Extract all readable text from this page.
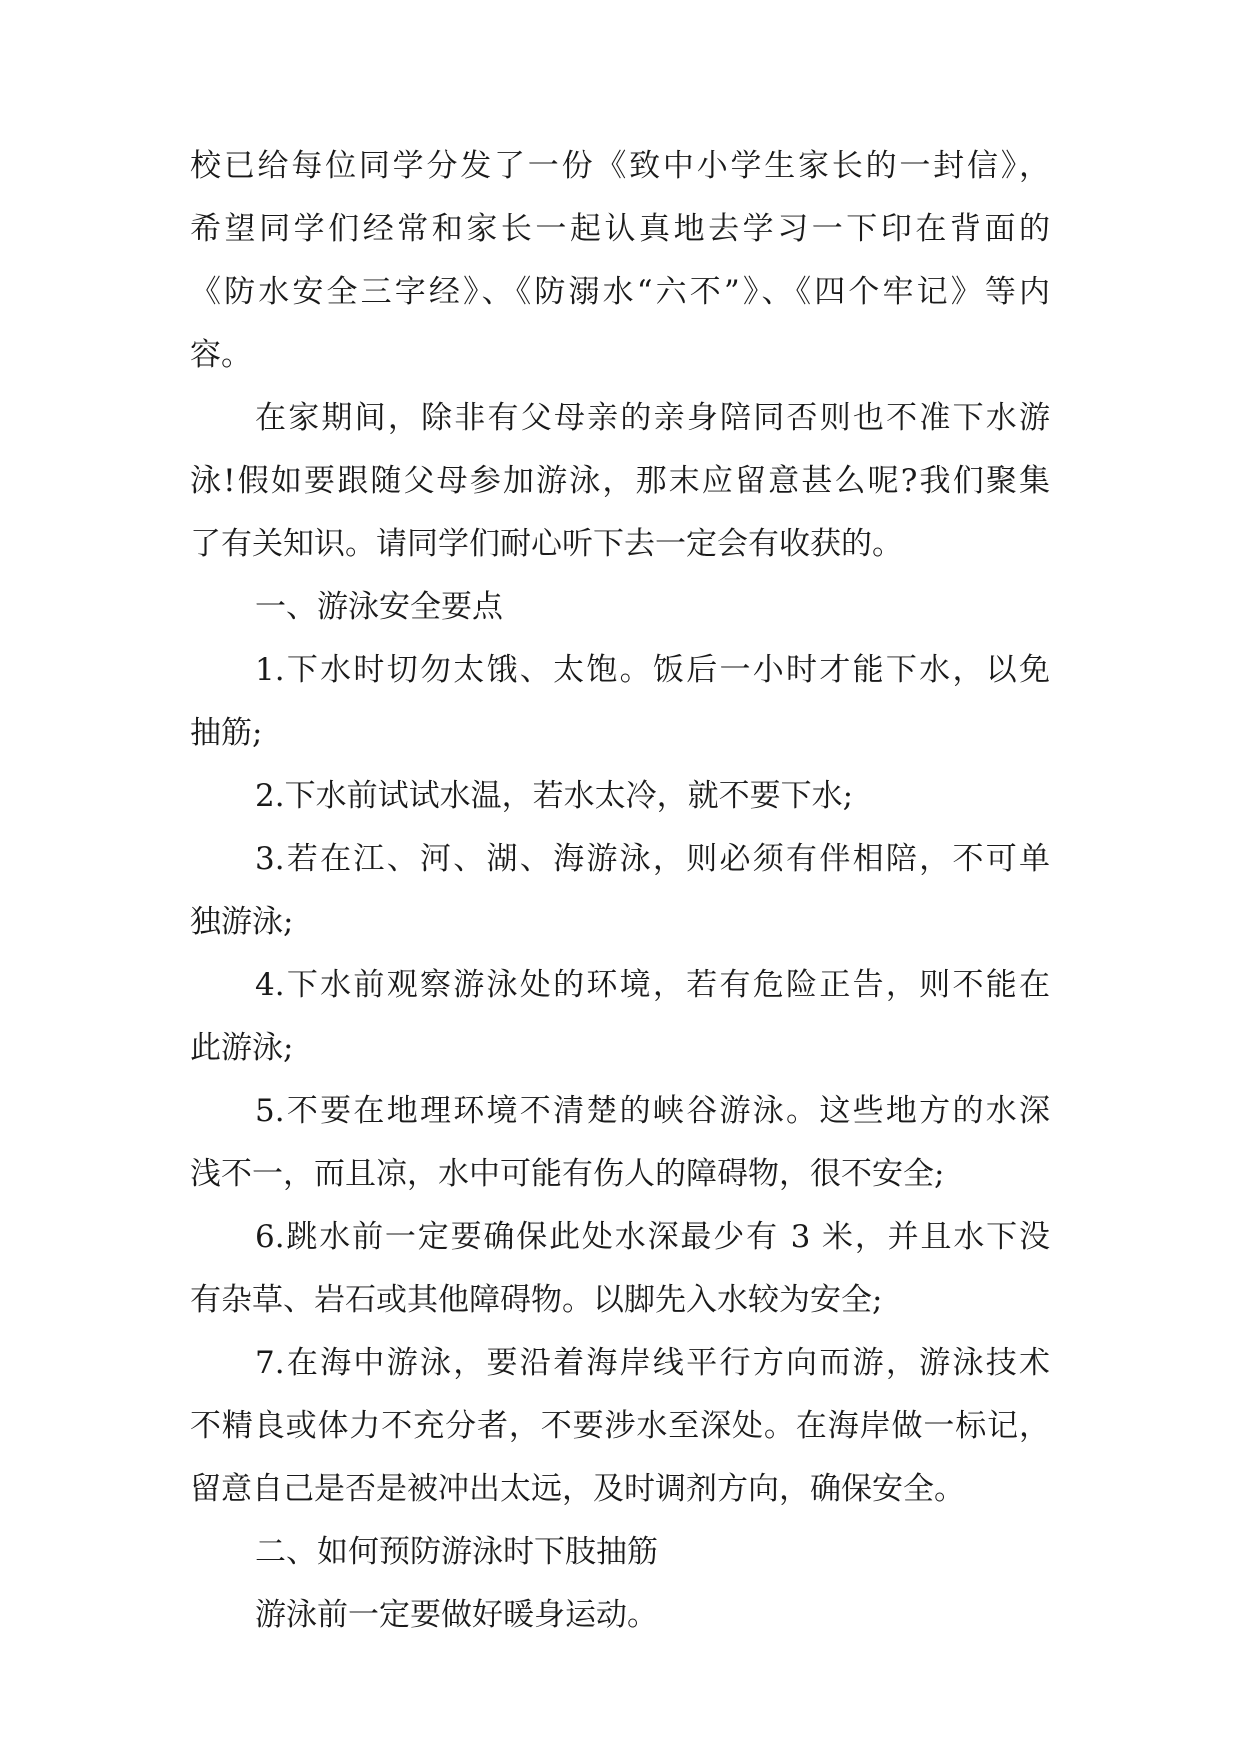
校已给每位同学分发了一份《致中小学生家长的一封信》，
希望同学们经常和家长一起认真地去学习一下印在背面的
《防水安全三字经》、《防溺水“六不”》、《四个牢记》等内
容。
在家期间，除非有父母亲的亲身陪同否则也不准下水游
泳!假如要跟随父母参加游泳，那末应留意甚么呢?我们聚集
了有关知识。请同学们耐心听下去一定会有收获的。
一、游泳安全要点
1.下水时切勿太饿、太饱。饭后一小时才能下水，以免
抽筋;
2.下水前试试水温，若水太冷，就不要下水;
3.若在江、河、湖、海游泳，则必须有伴相陪，不可单
独游泳;
4.下水前观察游泳处的环境，若有危险正告，则不能在
此游泳;
5.不要在地理环境不清楚的峡谷游泳。这些地方的水深
浅不一，而且凉，水中可能有伤人的障碍物，很不安全;
6.跳水前一定要确保此处水深最少有 3 米，并且水下没
有杂草、岩石或其他障碍物。以脚先入水较为安全;
7.在海中游泳，要沿着海岸线平行方向而游，游泳技术
不精良或体力不充分者，不要涉水至深处。在海岸做一标记，
留意自己是否是被冲出太远，及时调剂方向，确保安全。
二、如何预防游泳时下肢抽筋
游泳前一定要做好暖身运动。
